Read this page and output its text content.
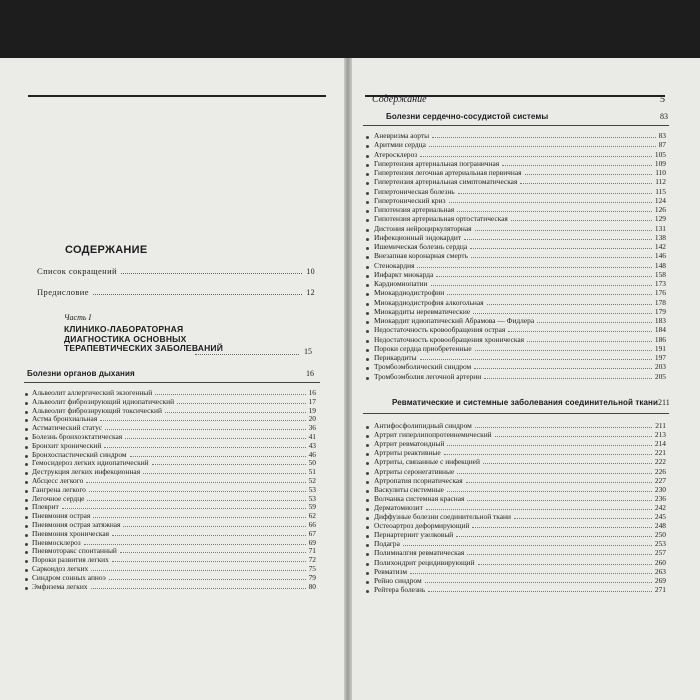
Содержание	5
СОДЕРЖАНИЕ
Список сокращений	10
Предисловие	12
Часть I
КЛИНИКО-ЛАБОРАТОРНАЯ
ДИАГНОСТИКА ОСНОВНЫХ
ТЕРАПЕВТИЧЕСКИХ ЗАБОЛЕВАНИЙ	15
Болезни органов дыхания	16
Альвеолит аллергический экзогенный	16
Альвеолит фиброзирующий идиопатический	17
Альвеолит фиброзирующий токсический	19
Астма бронхиальная	20
Астматический статус	36
Болезнь бронхоэктатическая	41
Бронхит хронический	43
Бронхоспастический синдром	46
Гемосидероз легких идиопатический	50
Деструкция легких инфекционная	51
Абсцесс легкого	52
Гангрена легкого	53
Легочное сердце	53
Плеврит	59
Пневмония острая	62
Пневмония острая затяжная	66
Пневмония хроническая	67
Пневмосклероз	69
Пневмоторакс спонтанный	71
Пороки развития легких	72
Саркоидоз легких	75
Синдром сонных апноэ	79
Эмфизема легких	80
Болезни сердечно-сосудистой системы	83
Аневризма аорты	83
Аритмии сердца	87
Атеросклероз	105
Гипертензия артериальная пограничная	109
Гипертензия легочная артериальная первичная	110
Гипертензия артериальная симптоматическая	112
Гипертоническая болезнь	115
Гипертонический криз	124
Гипотензия артериальная	126
Гипотензия артериальная ортостатическая	129
Дистония нейроциркуляторная	131
Инфекционный эндокардит	138
Ишемическая болезнь сердца	142
Внезапная коронарная смерть	146
Стенокардия	148
Инфаркт миокарда	158
Кардиомиопатии	173
Миокардиодистрофии	176
Миокардиодистрофия алкогольная	178
Миокардиты неревматические	179
Миокардит идиопатический Абрамова — Фидлера	183
Недостаточность кровообращения острая	184
Недостаточность кровообращения хроническая	186
Пороки сердца приобретенные	191
Перикардиты	197
Тромбоэмболический синдром	203
Тромбоэмболия легочной артерии	205
Ревматические и системные заболевания соединительной ткани 211
Антифосфолипидный синдром	211
Артрит гиперлипопротеинемический	213
Артрит ревматоидный	214
Артриты реактивные	221
Артриты, связанные с инфекцией	222
Артриты серонегативные	226
Артропатия псориатическая	227
Васкулиты системные	230
Волчанка системная красная	236
Дерматомиозит	242
Диффузные болезни соединительной ткани	245
Остеоартроз деформирующий	248
Периартериит узелковый	250
Подагра	253
Полимиалгия ревматическая	257
Полихондрит рецидивирующий	260
Ревматизм	263
Рейно синдром	269
Рейтера болезнь	271
